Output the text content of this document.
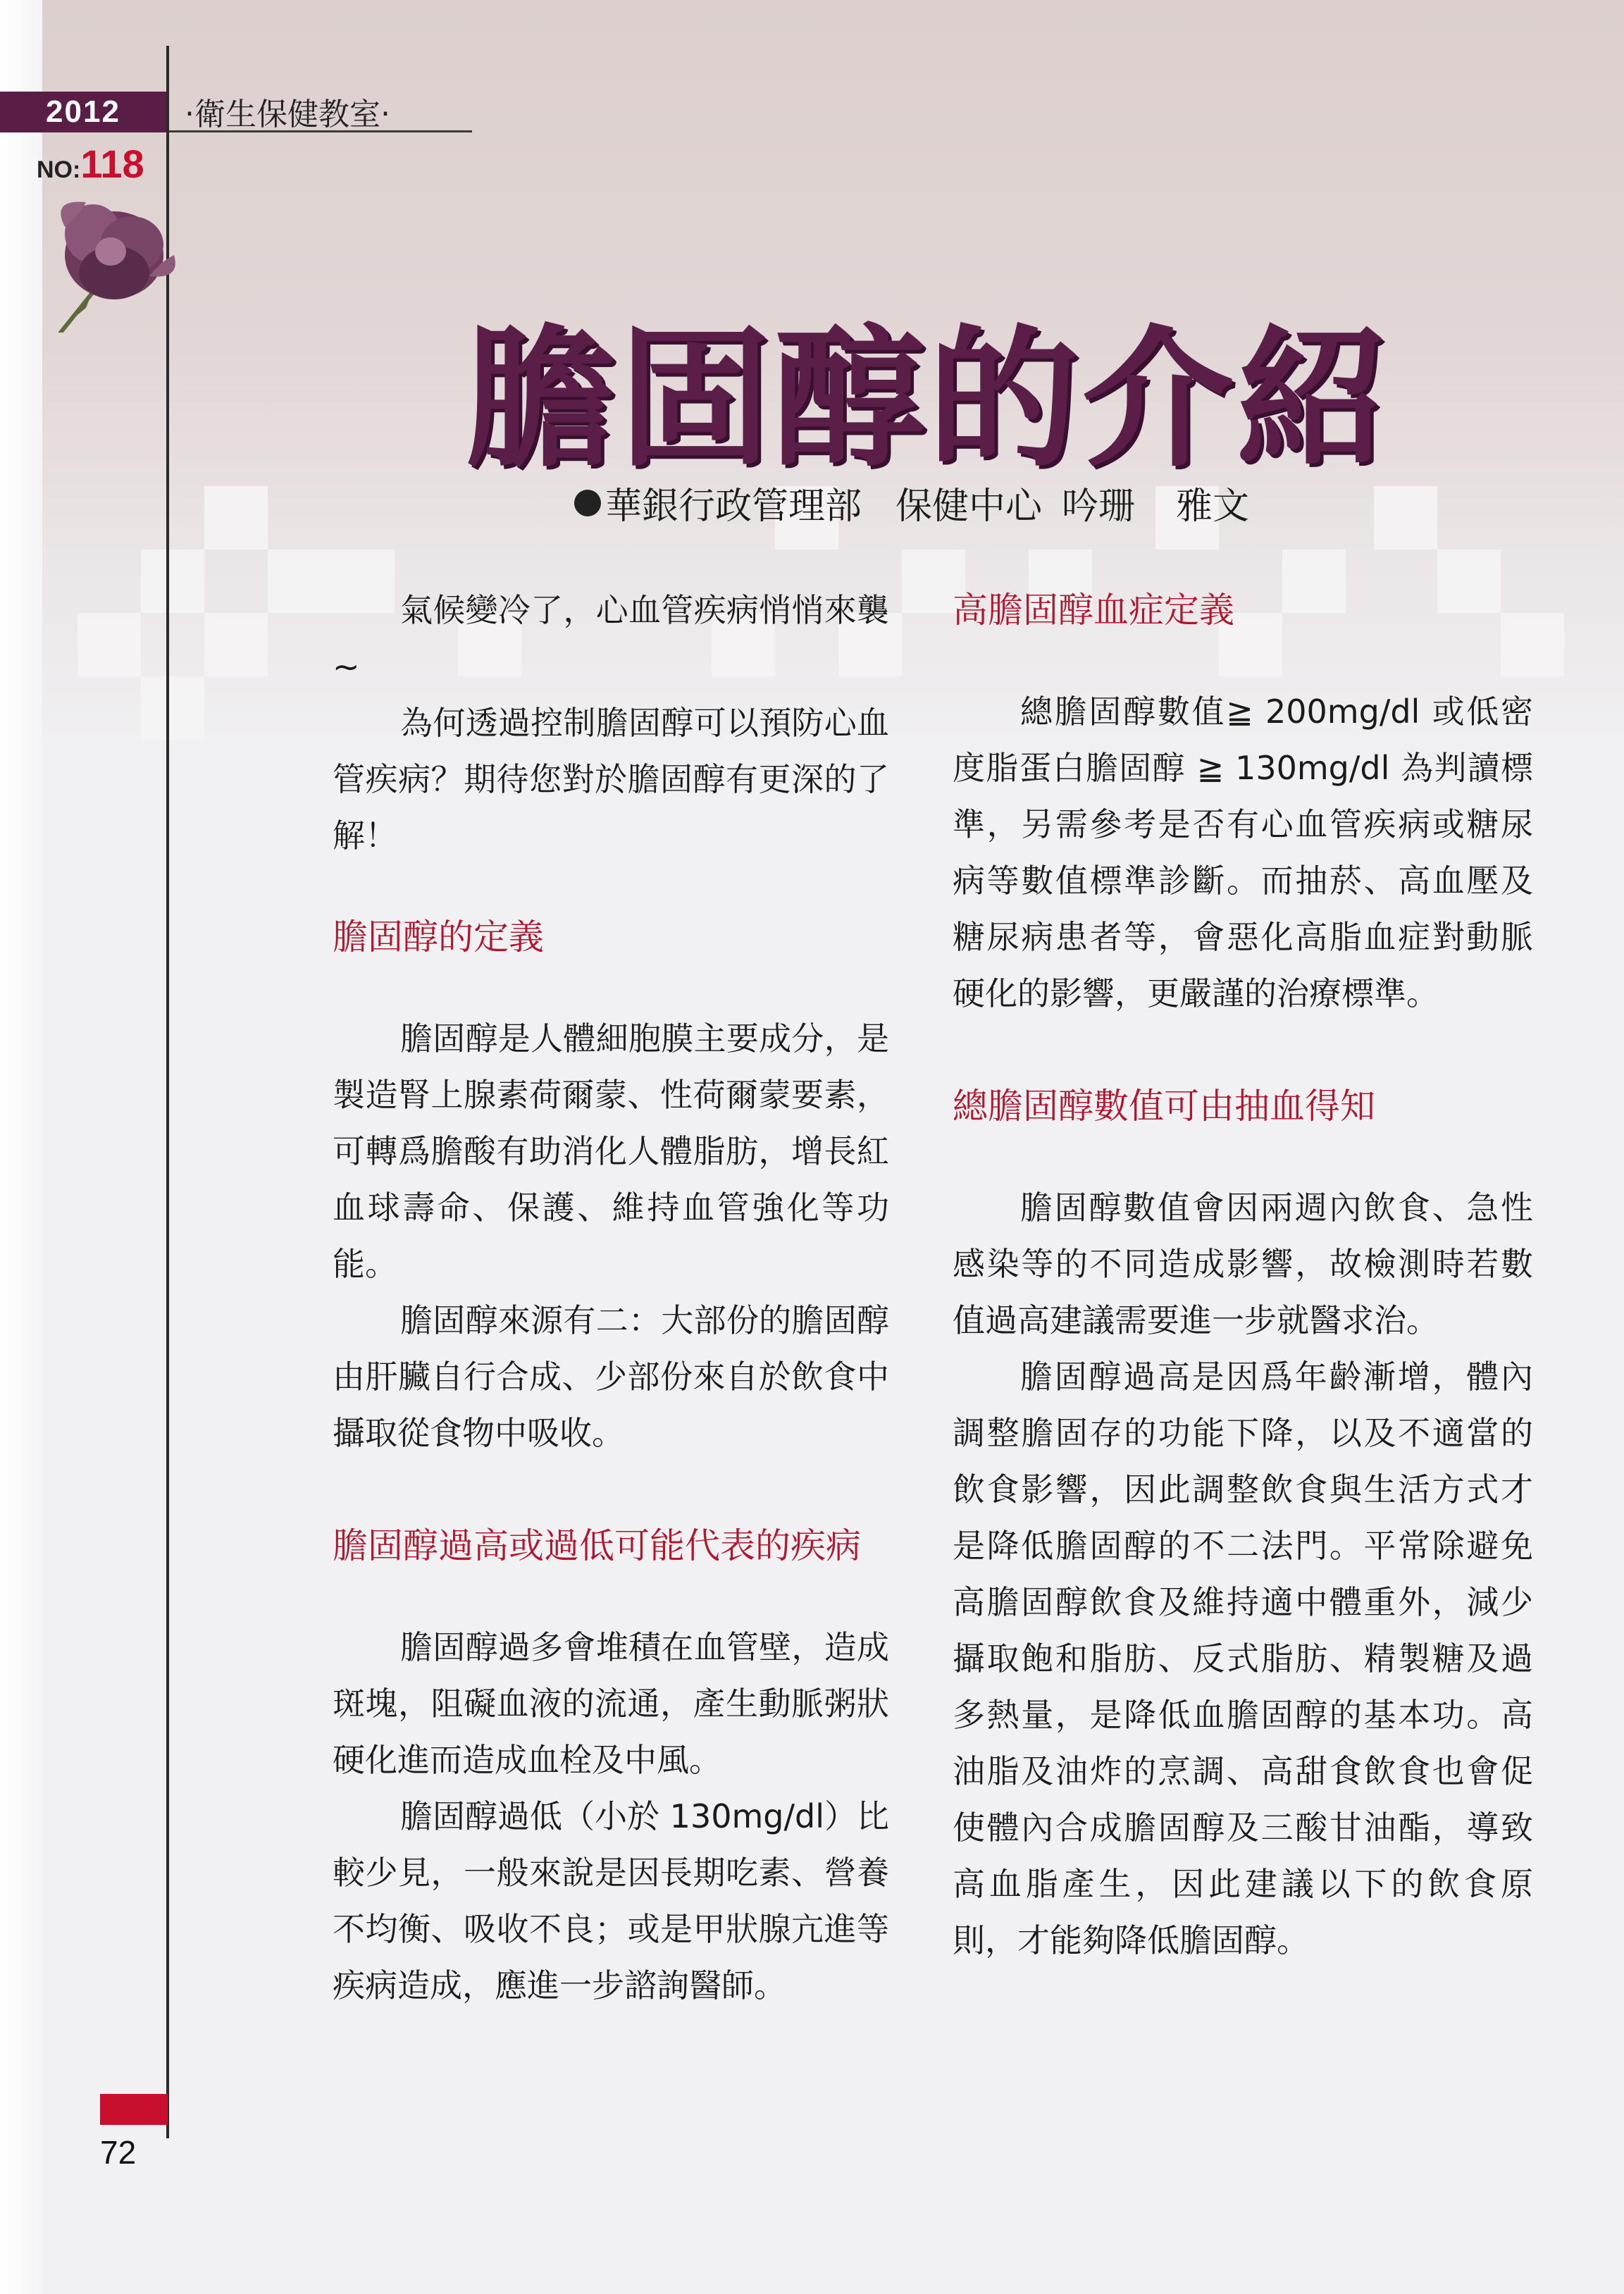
2012	‧衛生保健教室‧
NO:118
膽固醇的介紹
華銀行政管理部 保健中心 吟珊 雅文

氣候變冷了，心血管疾病悄悄來襲~

為何透過控制膽固醇可以預防心血管疾病？期待您對於膽固醇有更深的了解！

膽固醇的定義

膽固醇是人體細胞膜主要成分，是製造腎上腺素荷爾蒙、性荷爾蒙要素，可轉爲膽酸有助消化人體脂肪，增長紅血球壽命、保護、維持血管強化等功能。

膽固醇來源有二：大部份的膽固醇由肝臟自行合成、少部份來自於飲食中攝取從食物中吸收。

膽固醇過高或過低可能代表的疾病

膽固醇過多會堆積在血管壁，造成斑塊，阻礙血液的流通，產生動脈粥狀硬化進而造成血栓及中風。

膽固醇過低（小於 130mg/dl）比較少見，一般來說是因長期吃素、營養不均衡、吸收不良；或是甲狀腺亢進等疾病造成，應進一步諮詢醫師。

高膽固醇血症定義

總膽固醇數值≧ 200mg/dl 或低密度脂蛋白膽固醇 ≧ 130mg/dl 為判讀標準，另需參考是否有心血管疾病或糖尿病等數值標準診斷。而抽菸、高血壓及糖尿病患者等，會惡化高脂血症對動脈硬化的影響，更嚴謹的治療標準。

總膽固醇數值可由抽血得知

膽固醇數值會因兩週內飲食、急性感染等的不同造成影響，故檢測時若數值過高建議需要進一步就醫求治。

膽固醇過高是因爲年齡漸增，體內調整膽固存的功能下降，以及不適當的飲食影響，因此調整飲食與生活方式才是降低膽固醇的不二法門。平常除避免高膽固醇飲食及維持適中體重外，減少攝取飽和脂肪、反式脂肪、精製糖及過多熱量，是降低血膽固醇的基本功。高油脂及油炸的烹調、高甜食飲食也會促使體內合成膽固醇及三酸甘油酯，導致高血脂產生，因此建議以下的飲食原則，才能夠降低膽固醇。

72
